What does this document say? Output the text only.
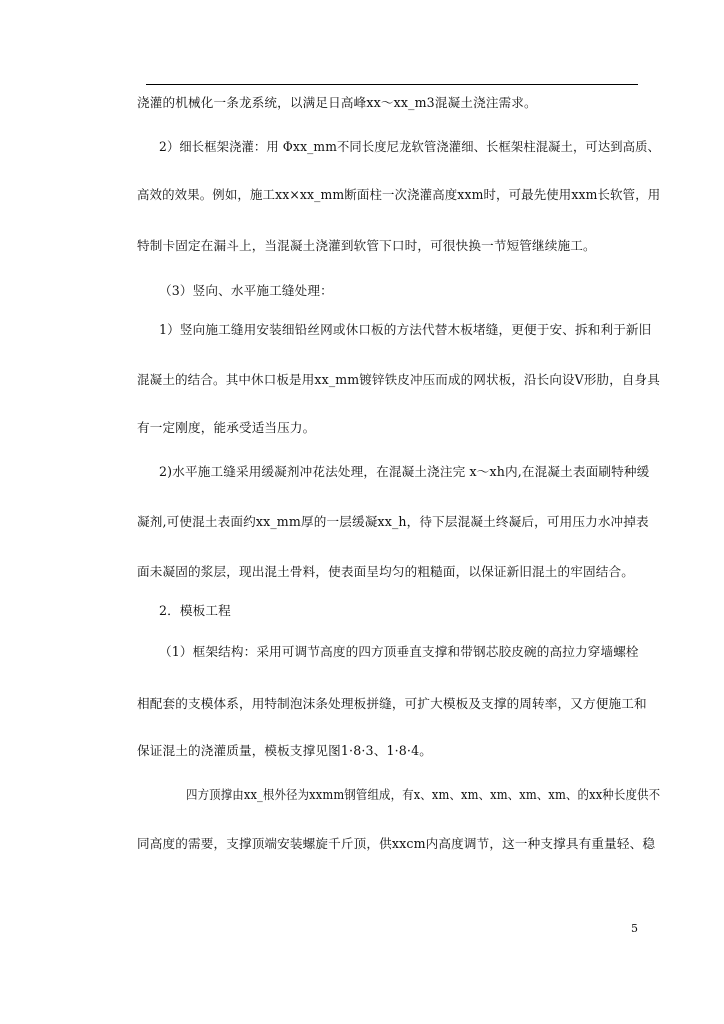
浇灌的机械化一条龙系统，以满足日高峰xx～xx_m3混凝土浇注需求。
2）细长框架浇灌：用 Φxx_mm不同长度尼龙软管浇灌细、长框架柱混凝土，可达到高质、
高效的效果。例如，施工xx×xx_mm断面柱一次浇灌高度xxm时，可最先使用xxm长软管，用
特制卡固定在漏斗上，当混凝土浇灌到软管下口时，可很快换一节短管继续施工。
（3）竖向、水平施工缝处理：
1）竖向施工缝用安装细铅丝网或休口板的方法代替木板堵缝，更便于安、拆和利于新旧
混凝土的结合。其中休口板是用xx_mm镀锌铁皮冲压而成的网状板，沿长向设V形肋，自身具
有一定刚度，能承受适当压力。
2)水平施工缝采用缓凝剂冲花法处理，在混凝土浇注完 x～xh内,在混凝土表面刷特种缓
凝剂,可使混土表面约xx_mm厚的一层缓凝xx_h，待下层混凝土终凝后，可用压力水冲掉表
面未凝固的浆层，现出混土骨料，使表面呈均匀的粗糙面，以保证新旧混土的牢固结合。
2．模板工程
（1）框架结构：采用可调节高度的四方顶垂直支撑和带钢芯胶皮碗的高拉力穿墙螺栓
相配套的支模体系，用特制泡沫条处理板拼缝，可扩大模板及支撑的周转率，又方便施工和
保证混土的浇灌质量，模板支撑见图1·8·3、1·8·4。
四方顶撑由xx_根外径为xxmm钢管组成，有x、xm、xm、xm、xm、xm、的xx种长度供不
同高度的需要，支撑顶端安装螺旋千斤顶，供xxcm内高度调节，这一种支撑具有重量轻、稳
5
